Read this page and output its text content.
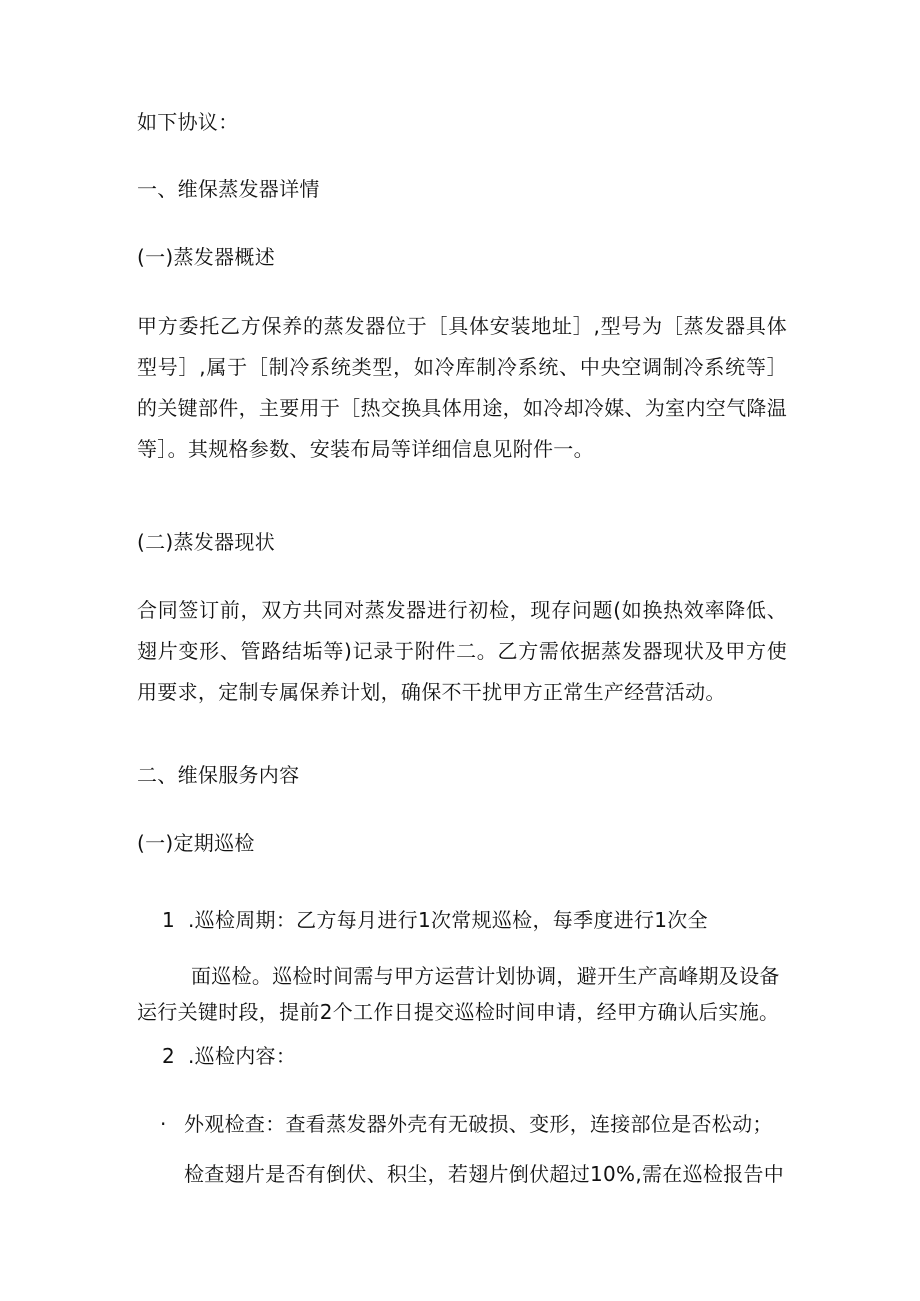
如下协议：
一、维保蒸发器详情
(一)蒸发器概述
甲方委托乙方保养的蒸发器位于［具体安装地址］,型号为［蒸发器具体型号］,属于［制冷系统类型，如冷库制冷系统、中央空调制冷系统等］的关键部件，主要用于［热交换具体用途，如冷却冷媒、为室内空气降温等］。其规格参数、安装布局等详细信息见附件一。
(二)蒸发器现状
合同签订前，双方共同对蒸发器进行初检，现存问题(如换热效率降低、翅片变形、管路结垢等)记录于附件二。乙方需依据蒸发器现状及甲方使用要求，定制专属保养计划，确保不干扰甲方正常生产经营活动。
二、维保服务内容
(一)定期巡检
1 .巡检周期：乙方每月进行1次常规巡检，每季度进行1次全
面巡检。巡检时间需与甲方运营计划协调，避开生产高峰期及设备
运行关键时段，提前2个工作日提交巡检时间申请，经甲方确认后实施。
2 .巡检内容：
· 外观检查：查看蒸发器外壳有无破损、变形，连接部位是否松动；
检查翅片是否有倒伏、积尘，若翅片倒伏超过10%,需在巡检报告中
